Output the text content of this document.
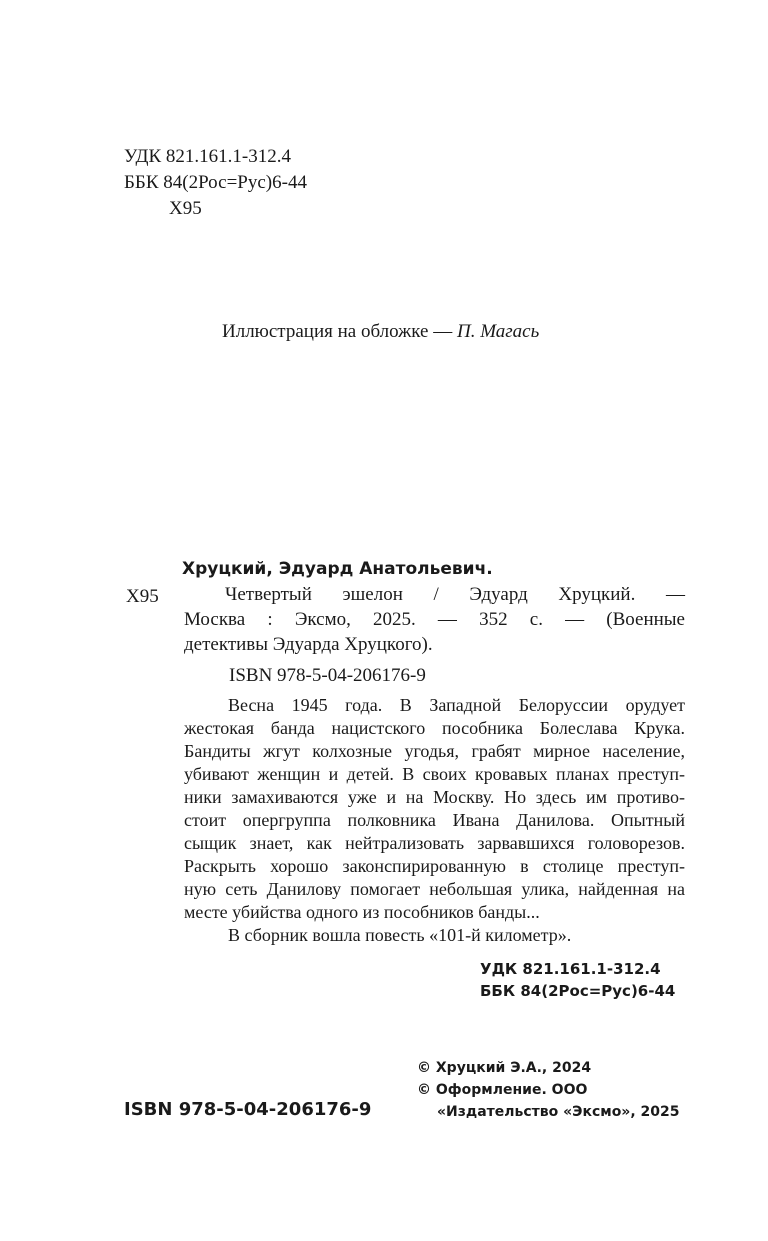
УДК 821.161.1-312.4
ББК 84(2Рос=Рус)6-44
Х95
Иллюстрация на обложке — П. Магась
Хруцкий, Эдуард Анатольевич.
Х95	Четвертый эшелон / Эдуард Хруцкий. —
Москва : Эксмо, 2025. — 352 с. — (Военные
детективы Эдуарда Хруцкого).
ISBN 978-5-04-206176-9
Весна 1945 года. В Западной Белоруссии орудует
жестокая банда нацистского пособника Болеслава Крука.
Бандиты жгут колхозные угодья, грабят мирное население,
убивают женщин и детей. В своих кровавых планах преступ-
ники замахиваются уже и на Москву. Но здесь им противо-
стоит опергруппа полковника Ивана Данилова. Опытный
сыщик знает, как нейтрализовать зарвавшихся головорезов.
Раскрыть хорошо законспирированную в столице преступ-
ную сеть Данилову помогает небольшая улика, найденная на
месте убийства одного из пособников банды...
В сборник вошла повесть «101-й километр».
УДК 821.161.1-312.4
ББК 84(2Рос=Рус)6-44
ISBN 978-5-04-206176-9
© Хруцкий Э.А., 2024
© Оформление. ООО
«Издательство «Эксмо», 2025
